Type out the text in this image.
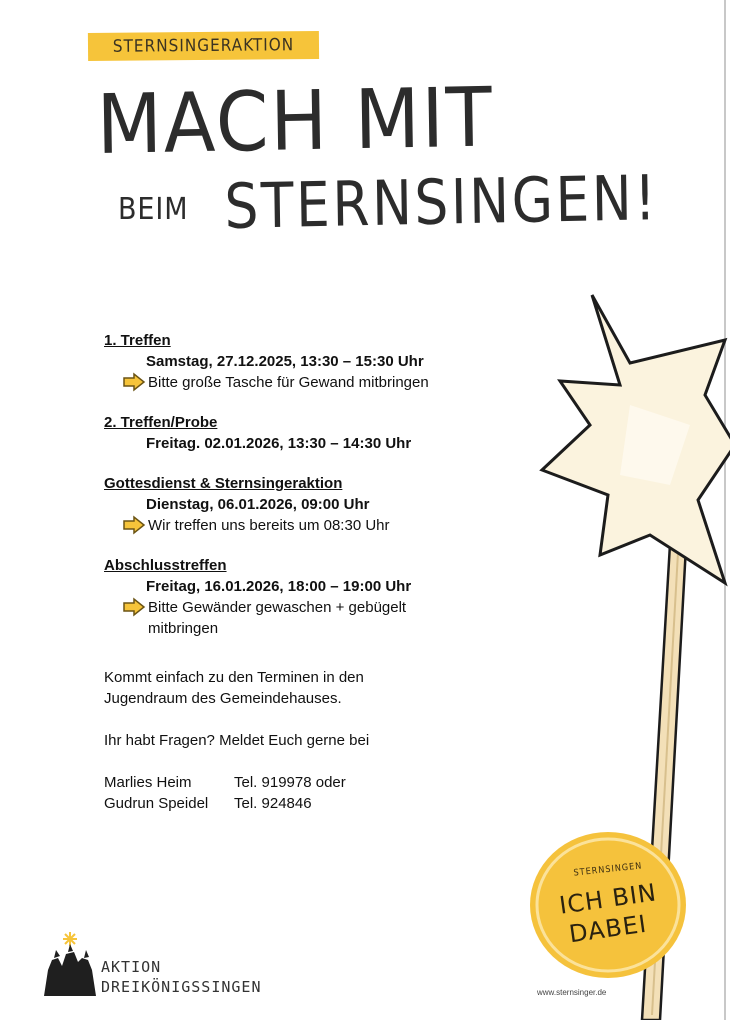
STERNSINGERAKTION
MACH MIT
BEIM STERNSINGEN!
1. Treffen
Samstag, 27.12.2025, 13:30 – 15:30 Uhr
Bitte große Tasche für Gewand mitbringen
2. Treffen/Probe
Freitag. 02.01.2026, 13:30 – 14:30 Uhr
Gottesdienst & Sternsingeraktion
Dienstag, 06.01.2026, 09:00 Uhr
Wir treffen uns bereits um 08:30 Uhr
Abschlusstreffen
Freitag, 16.01.2026, 18:00 – 19:00 Uhr
Bitte Gewänder gewaschen + gebügelt mitbringen

Kommt einfach zu den Terminen in den Jugendraum des Gemeindehauses.

Ihr habt Fragen? Meldet Euch gerne bei

Marlies Heim	Tel. 919978 oder
Gudrun Speidel	Tel. 924846
AKTION
DREIKÖNIGSSINGEN
STERNSINGEN
ICH BIN
DABEI
www.sternsinger.de
